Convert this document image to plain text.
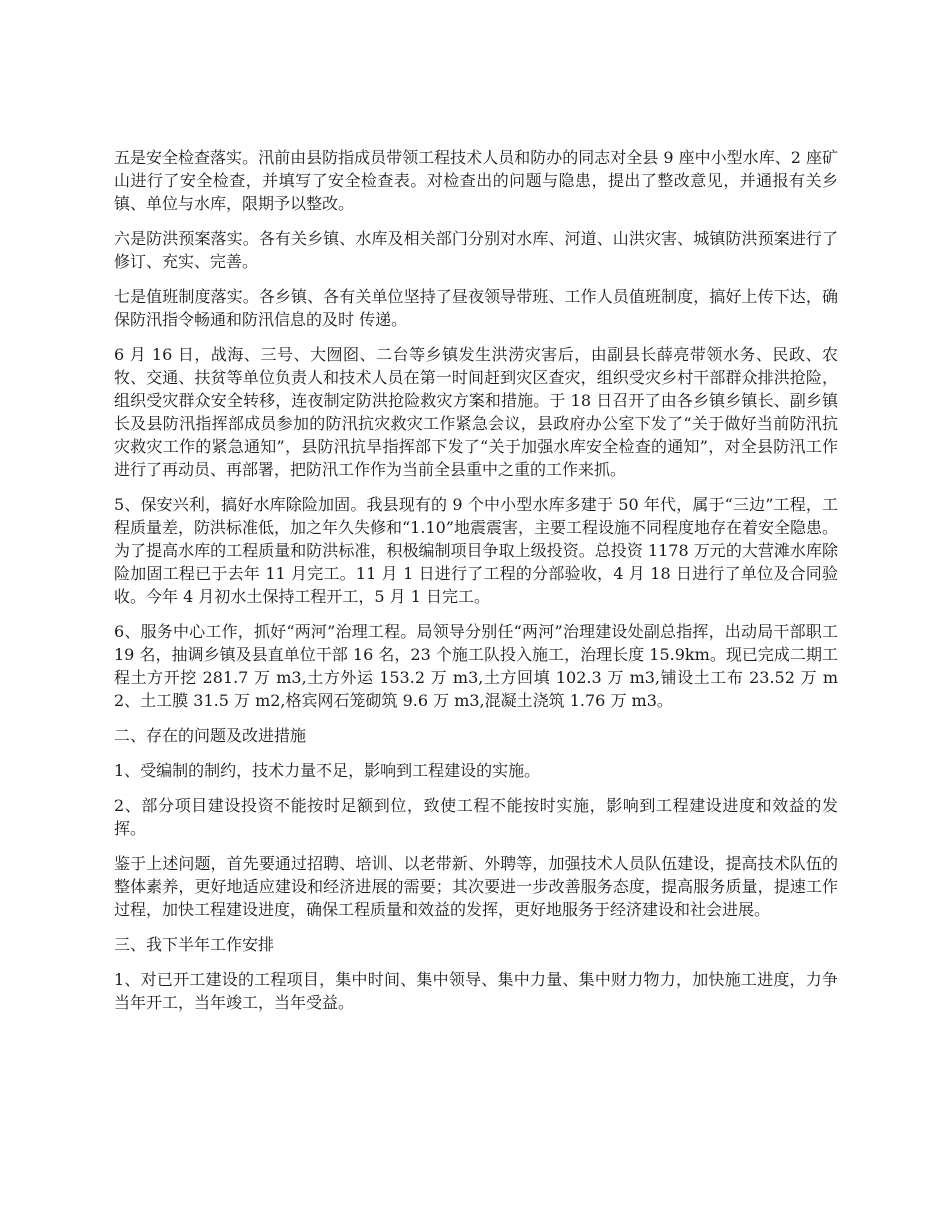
五是安全检查落实。汛前由县防指成员带领工程技术人员和防办的同志对全县 9 座中小型水库、2 座矿山进行了安全检查，并填写了安全检查表。对检查出的问题与隐患，提出了整改意见，并通报有关乡镇、单位与水库，限期予以整改。

六是防洪预案落实。各有关乡镇、水库及相关部门分别对水库、河道、山洪灾害、城镇防洪预案进行了修订、充实、完善。

七是值班制度落实。各乡镇、各有关单位坚持了昼夜领导带班、工作人员值班制度，搞好上传下达，确保防汛指令畅通和防汛信息的及时 传递。

6 月 16 日，战海、三号、大囫囵、二台等乡镇发生洪涝灾害后，由副县长薛亮带领水务、民政、农牧、交通、扶贫等单位负责人和技术人员在第一时间赶到灾区查灾，组织受灾乡村干部群众排洪抢险，组织受灾群众安全转移，连夜制定防洪抢险救灾方案和措施。于 18 日召开了由各乡镇乡镇长、副乡镇长及县防汛指挥部成员参加的防汛抗灾救灾工作紧急会议，县政府办公室下发了“关于做好当前防汛抗灾救灾工作的紧急通知”，县防汛抗旱指挥部下发了“关于加强水库安全检查的通知”，对全县防汛工作进行了再动员、再部署，把防汛工作作为当前全县重中之重的工作来抓。

5、保安兴利，搞好水库除险加固。我县现有的 9 个中小型水库多建于 50 年代，属于“三边”工程，工程质量差，防洪标准低，加之年久失修和“1.10”地震震害，主要工程设施不同程度地存在着安全隐患。为了提高水库的工程质量和防洪标准，积极编制项目争取上级投资。总投资 1178 万元的大营滩水库除险加固工程已于去年 11 月完工。11 月 1 日进行了工程的分部验收，4 月 18 日进行了单位及合同验收。今年 4 月初水土保持工程开工，5 月 1 日完工。

6、服务中心工作，抓好“两河”治理工程。局领导分别任“两河”治理建设处副总指挥，出动局干部职工 19 名，抽调乡镇及县直单位干部 16 名，23 个施工队投入施工，治理长度 15.9km。现已完成二期工程土方开挖 281.7 万 m3,土方外运 153.2 万 m3,土方回填 102.3 万 m3,铺设土工布 23.52 万 m2、土工膜 31.5 万 m2,格宾网石笼砌筑 9.6 万 m3,混凝土浇筑 1.76 万 m3。

二、存在的问题及改进措施

1、受编制的制约，技术力量不足，影响到工程建设的实施。

2、部分项目建设投资不能按时足额到位，致使工程不能按时实施，影响到工程建设进度和效益的发挥。

鉴于上述问题，首先要通过招聘、培训、以老带新、外聘等，加强技术人员队伍建设，提高技术队伍的整体素养，更好地适应建设和经济进展的需要；其次要进一步改善服务态度，提高服务质量，提速工作过程，加快工程建设进度，确保工程质量和效益的发挥，更好地服务于经济建设和社会进展。

三、我下半年工作安排

1、对已开工建设的工程项目，集中时间、集中领导、集中力量、集中财力物力，加快施工进度，力争当年开工，当年竣工，当年受益。
